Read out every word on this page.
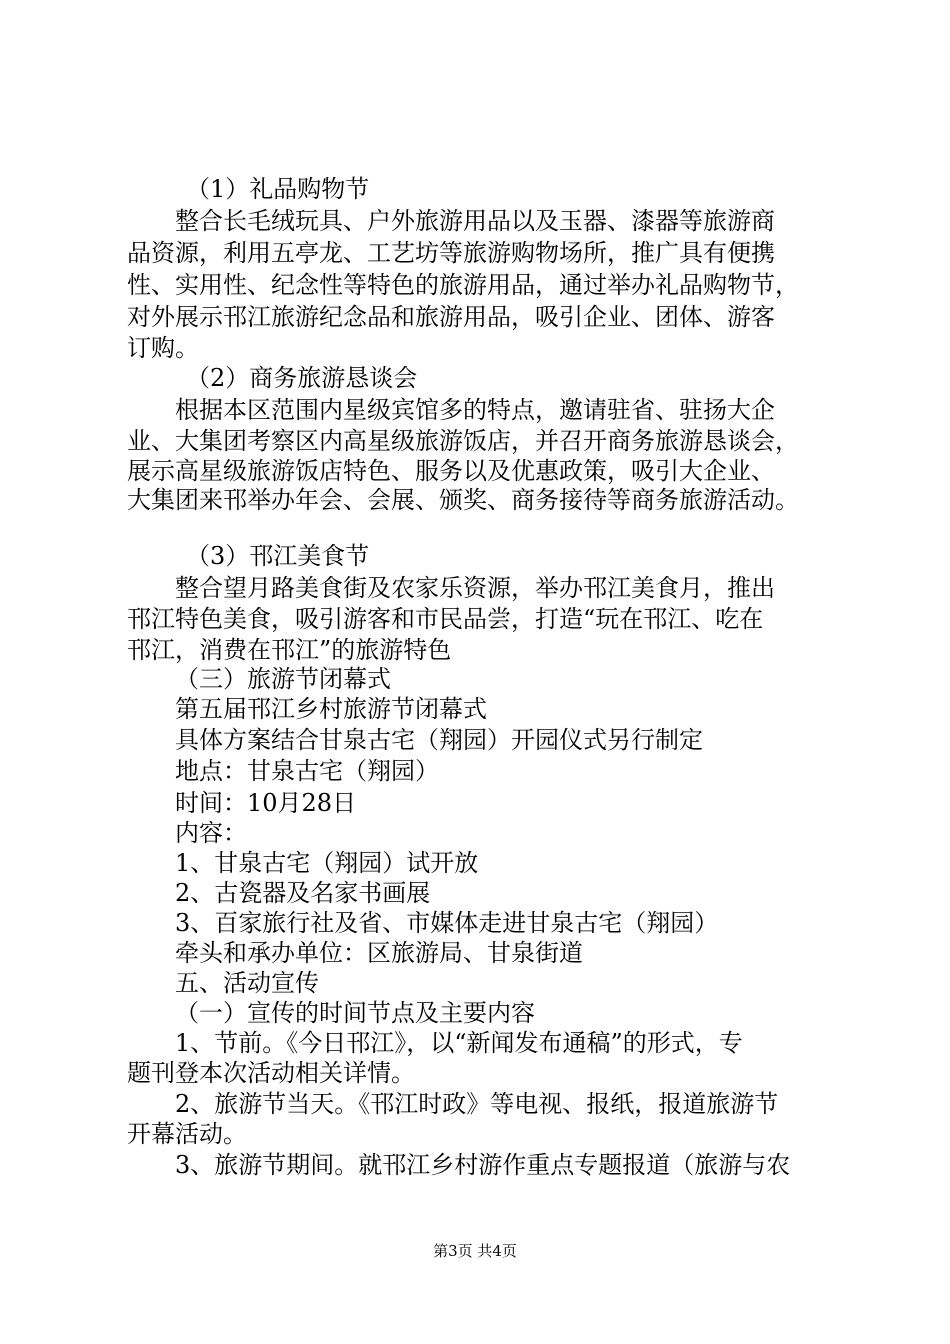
（1）礼品购物节
整合长毛绒玩具、户外旅游用品以及玉器、漆器等旅游商
品资源，利用五亭龙、工艺坊等旅游购物场所，推广具有便携
性、实用性、纪念性等特色的旅游用品，通过举办礼品购物节，
对外展示邗江旅游纪念品和旅游用品，吸引企业、团体、游客
订购。
（2）商务旅游恳谈会
根据本区范围内星级宾馆多的特点，邀请驻省、驻扬大企
业、大集团考察区内高星级旅游饭店，并召开商务旅游恳谈会，
展示高星级旅游饭店特色、服务以及优惠政策，吸引大企业、
大集团来邗举办年会、会展、颁奖、商务接待等商务旅游活动。
（3）邗江美食节
整合望月路美食街及农家乐资源，举办邗江美食月，推出
邗江特色美食，吸引游客和市民品尝，打造“玩在邗江、吃在
邗江，消费在邗江”的旅游特色
（三）旅游节闭幕式
第五届邗江乡村旅游节闭幕式
具体方案结合甘泉古宅（翔园）开园仪式另行制定
地点：甘泉古宅（翔园）
时间：10月28日
内容：
1、甘泉古宅（翔园）试开放
2、古瓷器及名家书画展
3、百家旅行社及省、市媒体走进甘泉古宅（翔园）
牵头和承办单位：区旅游局、甘泉街道
五、活动宣传
（一）宣传的时间节点及主要内容
1、节前。《今日邗江》，以“新闻发布通稿”的形式，专
题刊登本次活动相关详情。
2、旅游节当天。《邗江时政》等电视、报纸，报道旅游节
开幕活动。
3、旅游节期间。就邗江乡村游作重点专题报道（旅游与农
第3页 共4页
